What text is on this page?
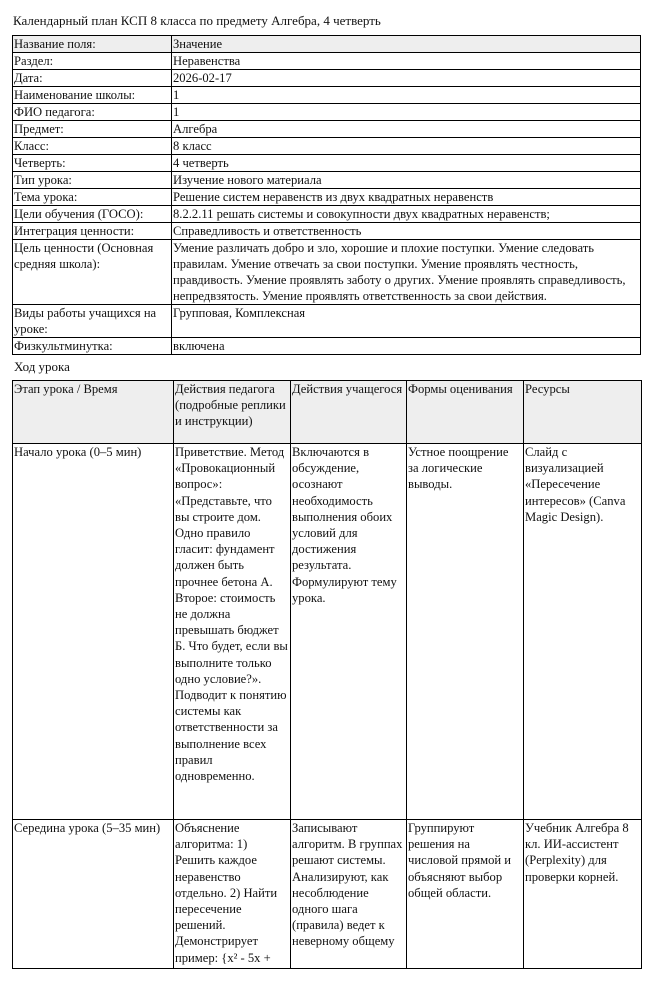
Календарный план КСП 8 класса по предмету Алгебра, 4 четверть
Название поля:	Значение
Раздел:	Неравенства
Дата:	2026-02-17
Наименование школы:	1
ФИО педагога:	1
Предмет:	Алгебра
Класс:	8 класс
Четверть:	4 четверть
Тип урока:	Изучение нового материала
Тема урока:	Решение систем неравенств из двух квадратных неравенств
Цели обучения (ГОСО):	8.2.2.11 решать системы и совокупности двух квадратных неравенств;
Интеграция ценности:	Справедливость и ответственность
Цель ценности (Основная средняя школа):	Умение различать добро и зло, хорошие и плохие поступки. Умение следовать правилам. Умение отвечать за свои поступки. Умение проявлять честность, правдивость. Умение проявлять заботу о других. Умение проявлять справедливость, непредвзятость. Умение проявлять ответственность за свои действия.
Виды работы учащихся на уроке:	Групповая, Комплексная
Физкультминутка:	включена
Ход урока
Этап урока / Время	Действия педагога (подробные реплики и инструкции)	Действия учащегося	Формы оценивания	Ресурсы
Начало урока (0–5 мин)	Приветствие. Метод «Провокационный вопрос»: «Представьте, что вы строите дом. Одно правило гласит: фундамент должен быть прочнее бетона А. Второе: стоимость не должна превышать бюджет Б. Что будет, если вы выполните только одно условие?». Подводит к понятию системы как ответственности за выполнение всех правил одновременно.	Включаются в обсуждение, осознают необходимость выполнения обоих условий для достижения результата. Формулируют тему урока.	Устное поощрение за логические выводы.	Слайд с визуализацией «Пересечение интересов» (Canva Magic Design).
Середина урока (5–35 мин)	Объяснение алгоритма: 1) Решить каждое неравенство отдельно. 2) Найти пересечение решений. Демонстрирует пример: {x² - 5x +	Записывают алгоритм. В группах решают системы. Анализируют, как несоблюдение одного шага (правила) ведет к неверному общему	Группируют решения на числовой прямой и объясняют выбор общей области.	Учебник Алгебра 8 кл. ИИ-ассистент (Perplexity) для проверки корней.
